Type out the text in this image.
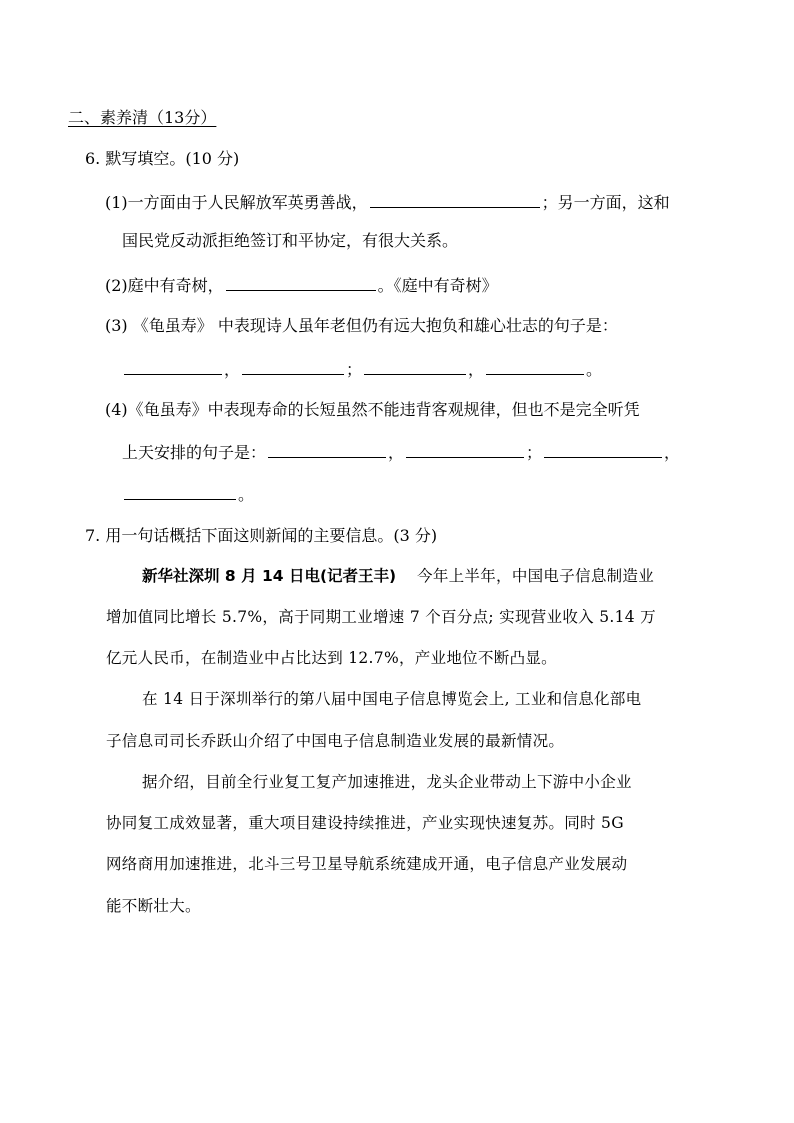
二、素养清（13分）
6. 默写填空。(10 分)
(1)一方面由于人民解放军英勇善战，	；另一方面，这和
国民党反动派拒绝签订和平协定，有很大关系。
(2)庭中有奇树，	。《庭中有奇树》
(3) 《龟虽寿》 中表现诗人虽年老但仍有远大抱负和雄心壮志的句子是：
，	；	，	。
(4)《龟虽寿》中表现寿命的长短虽然不能违背客观规律，但也不是完全听凭
上天安排的句子是：	，	；	，
。
7. 用一句话概括下面这则新闻的主要信息。(3 分)
新华社深圳 8 月 14 日电(记者王丰) 今年上半年，中国电子信息制造业
增加值同比增长 5.7%，高于同期工业增速 7 个百分点; 实现营业收入 5.14 万
亿元人民币，在制造业中占比达到 12.7%，产业地位不断凸显。
在 14 日于深圳举行的第八届中国电子信息博览会上, 工业和信息化部电
子信息司司长乔跃山介绍了中国电子信息制造业发展的最新情况。
据介绍，目前全行业复工复产加速推进，龙头企业带动上下游中小企业
协同复工成效显著，重大项目建设持续推进，产业实现快速复苏。同时 5G
网络商用加速推进，北斗三号卫星导航系统建成开通，电子信息产业发展动
能不断壮大。
